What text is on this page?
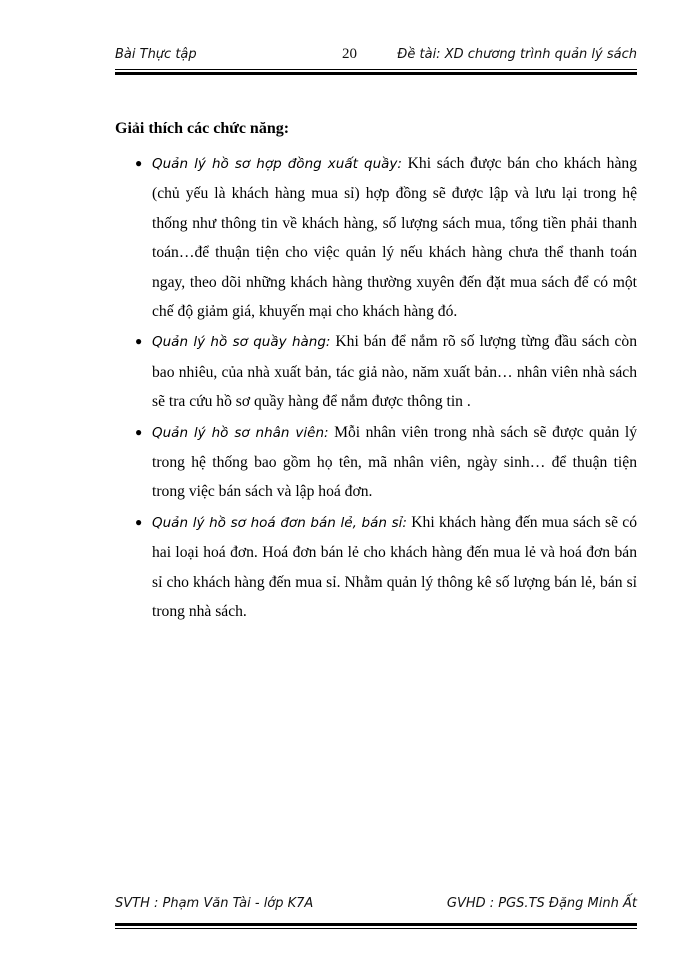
Bài Thực tập	20	Đề tài: XD chương trình quản lý sách
Giải thích các chức năng:
● Quản lý hồ sơ hợp đồng xuất quầy: Khi sách được bán cho khách hàng (chủ yếu là khách hàng mua sỉ) hợp đồng sẽ được lập và lưu lại trong hệ thống như thông tin về khách hàng, số lượng sách mua, tổng tiền phải thanh toán…để thuận tiện cho việc quản lý nếu khách hàng chưa thể thanh toán ngay, theo dõi những khách hàng thường xuyên đến đặt mua sách để có một chế độ giảm giá, khuyến mại cho khách hàng đó.
● Quản lý hồ sơ quầy hàng: Khi bán để nắm rõ số lượng từng đầu sách còn bao nhiêu, của nhà xuất bản, tác giả nào, năm xuất bản… nhân viên nhà sách sẽ tra cứu hồ sơ quầy hàng để nắm được thông tin .
● Quản lý hồ sơ nhân viên: Mỗi nhân viên trong nhà sách sẽ được quản lý trong hệ thống bao gồm họ tên, mã nhân viên, ngày sinh… để thuận tiện trong việc bán sách và lập hoá đơn.
● Quản lý hồ sơ hoá đơn bán lẻ, bán sỉ: Khi khách hàng đến mua sách sẽ có hai loại hoá đơn. Hoá đơn bán lẻ cho khách hàng đến mua lẻ và hoá đơn bán sỉ cho khách hàng đến mua sỉ. Nhằm quản lý thông kê số lượng bán lẻ, bán sỉ trong nhà sách.
SVTH : Phạm Văn Tài - lớp K7A	GVHD : PGS.TS Đặng Minh Ất
